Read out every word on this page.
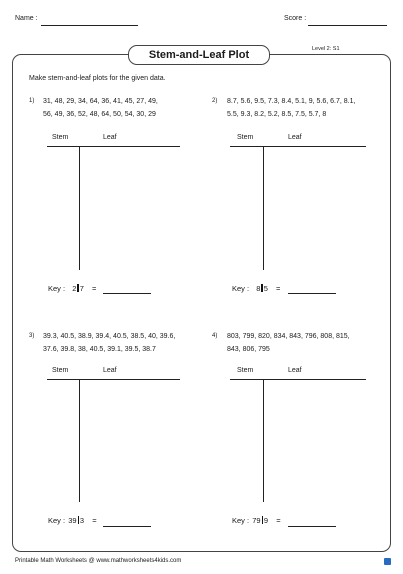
Name :	Score :
Stem-and-Leaf Plot	Level 2: S1
Make stem-and-leaf plots for the given data.
1) 31, 48, 29, 34, 64, 36, 41, 45, 27, 49,
56, 49, 36, 52, 48, 64, 50, 54, 30, 29
Stem	Leaf
Key : 2 7 =
2) 8.7, 5.6, 9.5, 7.3, 8.4, 5.1, 9, 5.6, 6.7, 8.1,
5.5, 9.3, 8.2, 5.2, 8.5, 7.5, 5.7, 8
Stem	Leaf
Key : 8 5 =
3) 39.3, 40.5, 38.9, 39.4, 40.5, 38.5, 40, 39.6,
37.6, 39.8, 38, 40.5, 39.1, 39.5, 38.7
Stem	Leaf
Key : 39 3 =
4) 803, 799, 820, 834, 843, 796, 808, 815,
843, 806, 795
Stem	Leaf
Key : 79 9 =
Printable Math Worksheets @ www.mathworksheets4kids.com
